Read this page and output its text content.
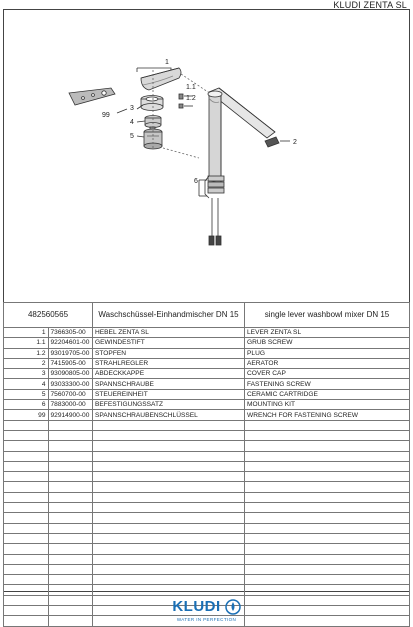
KLUDI ZENTA SL
1
1.1
1.2
2
3
4
5
6
99
482560565		Waschschüssel-Einhandmischer DN 15	single lever washbowl mixer DN 15
1	7366305-00	HEBEL ZENTA SL	LEVER ZENTA SL
1.1	92204601-00	GEWINDESTIFT	GRUB SCREW
1.2	93019705-00	STOPFEN	PLUG
2	7415905-00	STRAHLREGLER	AERATOR
3	93090805-00	ABDECKKAPPE	COVER CAP
4	93033300-00	SPANNSCHRAUBE	FASTENING SCREW
5	7560700-00	STEUEREINHEIT	CERAMIC CARTRIDGE
6	7883000-00	BEFESTIGUNGSSATZ	MOUNTING KIT
99	92914900-00	SPANNSCHRAUBENSCHLÜSSEL	WRENCH FOR FASTENING SCREW

KLUDI
WATER IN PERFECTION
